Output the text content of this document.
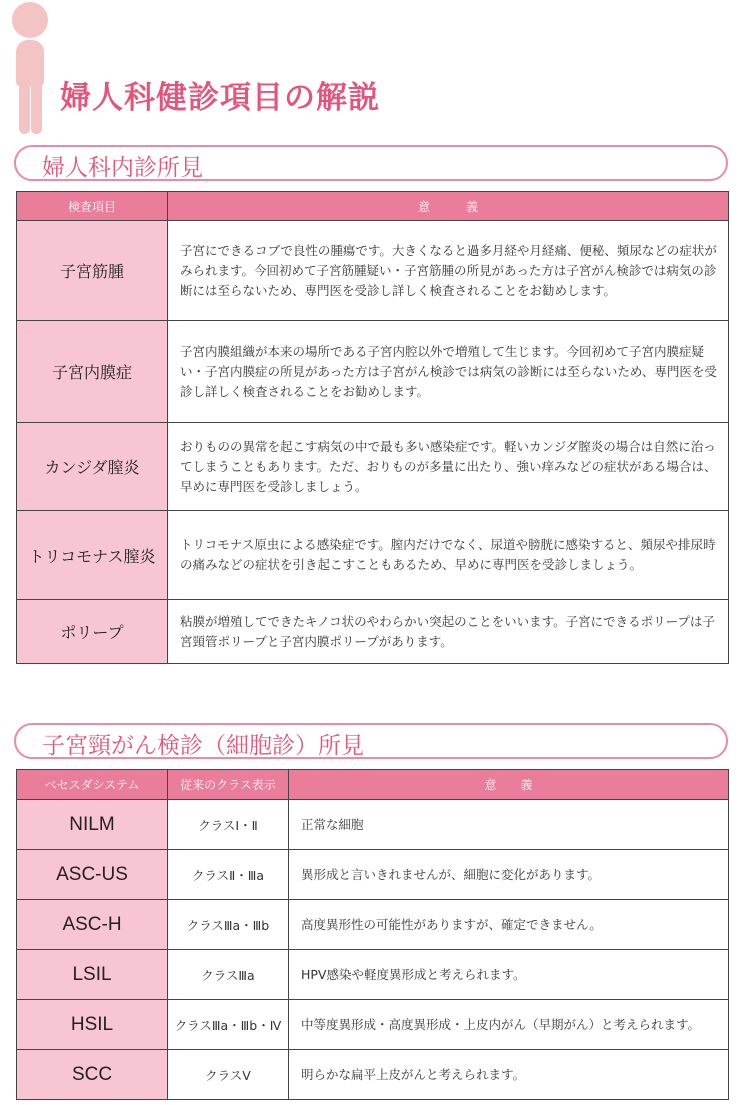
婦人科健診項目の解説
婦人科内診所見
検査項目	意　　　義
子宮筋腫	子宮にできるコブで良性の腫瘍です。大きくなると過多月経や月経痛、便秘、頻尿などの症状がみられます。今回初めて子宮筋腫疑い・子宮筋腫の所見があった方は子宮がん検診では病気の診断には至らないため、専門医を受診し詳しく検査されることをお勧めします。
子宮内膜症	子宮内膜組織が本来の場所である子宮内腔以外で増殖して生じます。今回初めて子宮内膜症疑い・子宮内膜症の所見があった方は子宮がん検診では病気の診断には至らないため、専門医を受診し詳しく検査されることをお勧めします。
カンジダ膣炎	おりものの異常を起こす病気の中で最も多い感染症です。軽いカンジダ膣炎の場合は自然に治ってしまうこともあります。ただ、おりものが多量に出たり、強い痒みなどの症状がある場合は、早めに専門医を受診しましょう。
トリコモナス膣炎	トリコモナス原虫による感染症です。膣内だけでなく、尿道や膀胱に感染すると、頻尿や排尿時の痛みなどの症状を引き起こすこともあるため、早めに専門医を受診しましょう。
ポリープ	粘膜が増殖してできたキノコ状のやわらかい突起のことをいいます。子宮にできるポリープは子宮頸管ポリープと子宮内膜ポリープがあります。
子宮頸がん検診（細胞診）所見
ベセスダシステム	従来のクラス表示	意　　義
NILM	クラスⅠ・Ⅱ	正常な細胞
ASC-US	クラスⅡ・Ⅲa	異形成と言いきれませんが、細胞に変化があります。
ASC-H	クラスⅢa・Ⅲb	高度異形性の可能性がありますが、確定できません。
LSIL	クラスⅢa	HPV感染や軽度異形成と考えられます。
HSIL	クラスⅢa・Ⅲb・Ⅳ	中等度異形成・高度異形成・上皮内がん（早期がん）と考えられます。
SCC	クラスⅤ	明らかな扁平上皮がんと考えられます。
